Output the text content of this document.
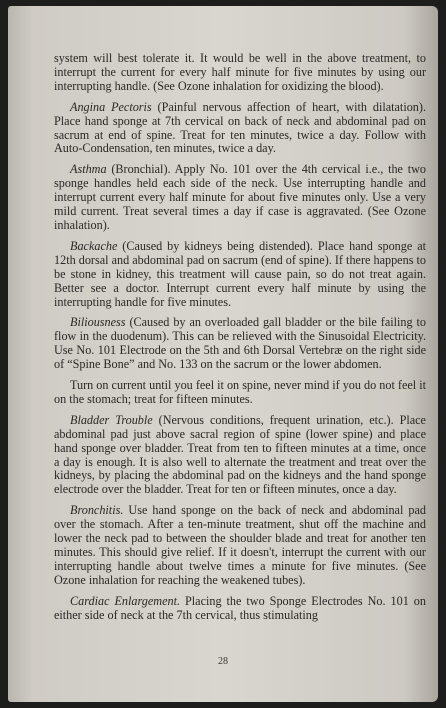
system will best tolerate it. It would be well in the above treatment, to interrupt the current for every half minute for five minutes by using our interrupting handle. (See Ozone inhalation for oxidizing the blood).

Angina Pectoris (Painful nervous affection of heart, with dilatation). Place hand sponge at 7th cervical on back of neck and abdominal pad on sacrum at end of spine. Treat for ten minutes, twice a day. Follow with Auto-Condensation, ten minutes, twice a day.

Asthma (Bronchial). Apply No. 101 over the 4th cervical i.e., the two sponge handles held each side of the neck. Use interrupting handle and interrupt current every half minute for about five minutes only. Use a very mild current. Treat several times a day if case is aggravated. (See Ozone inhalation).

Backache (Caused by kidneys being distended). Place hand sponge at 12th dorsal and abdominal pad on sacrum (end of spine). If there happens to be stone in kidney, this treatment will cause pain, so do not treat again. Better see a doctor. Interrupt current every half minute by using the interrupting handle for five minutes.

Biliousness (Caused by an overloaded gall bladder or the bile failing to flow in the duodenum). This can be relieved with the Sinusoidal Electricity. Use No. 101 Electrode on the 5th and 6th Dorsal Vertebræ on the right side of “Spine Bone” and No. 133 on the sacrum or the lower abdomen.

Turn on current until you feel it on spine, never mind if you do not feel it on the stomach; treat for fifteen minutes.

Bladder Trouble (Nervous conditions, frequent urination, etc.). Place abdominal pad just above sacral region of spine (lower spine) and place hand sponge over bladder. Treat from ten to fifteen minutes at a time, once a day is enough. It is also well to alternate the treatment and treat over the kidneys, by placing the abdominal pad on the kidneys and the hand sponge electrode over the bladder. Treat for ten or fifteen minutes, once a day.

Bronchitis. Use hand sponge on the back of neck and abdominal pad over the stomach. After a ten-minute treatment, shut off the machine and lower the neck pad to between the shoulder blade and treat for another ten minutes. This should give relief. If it doesn't, interrupt the current with our interrupting handle about twelve times a minute for five minutes. (See Ozone inhalation for reaching the weakened tubes).

Cardiac Enlargement. Placing the two Sponge Electrodes No. 101 on either side of neck at the 7th cervical, thus stimulating

28
